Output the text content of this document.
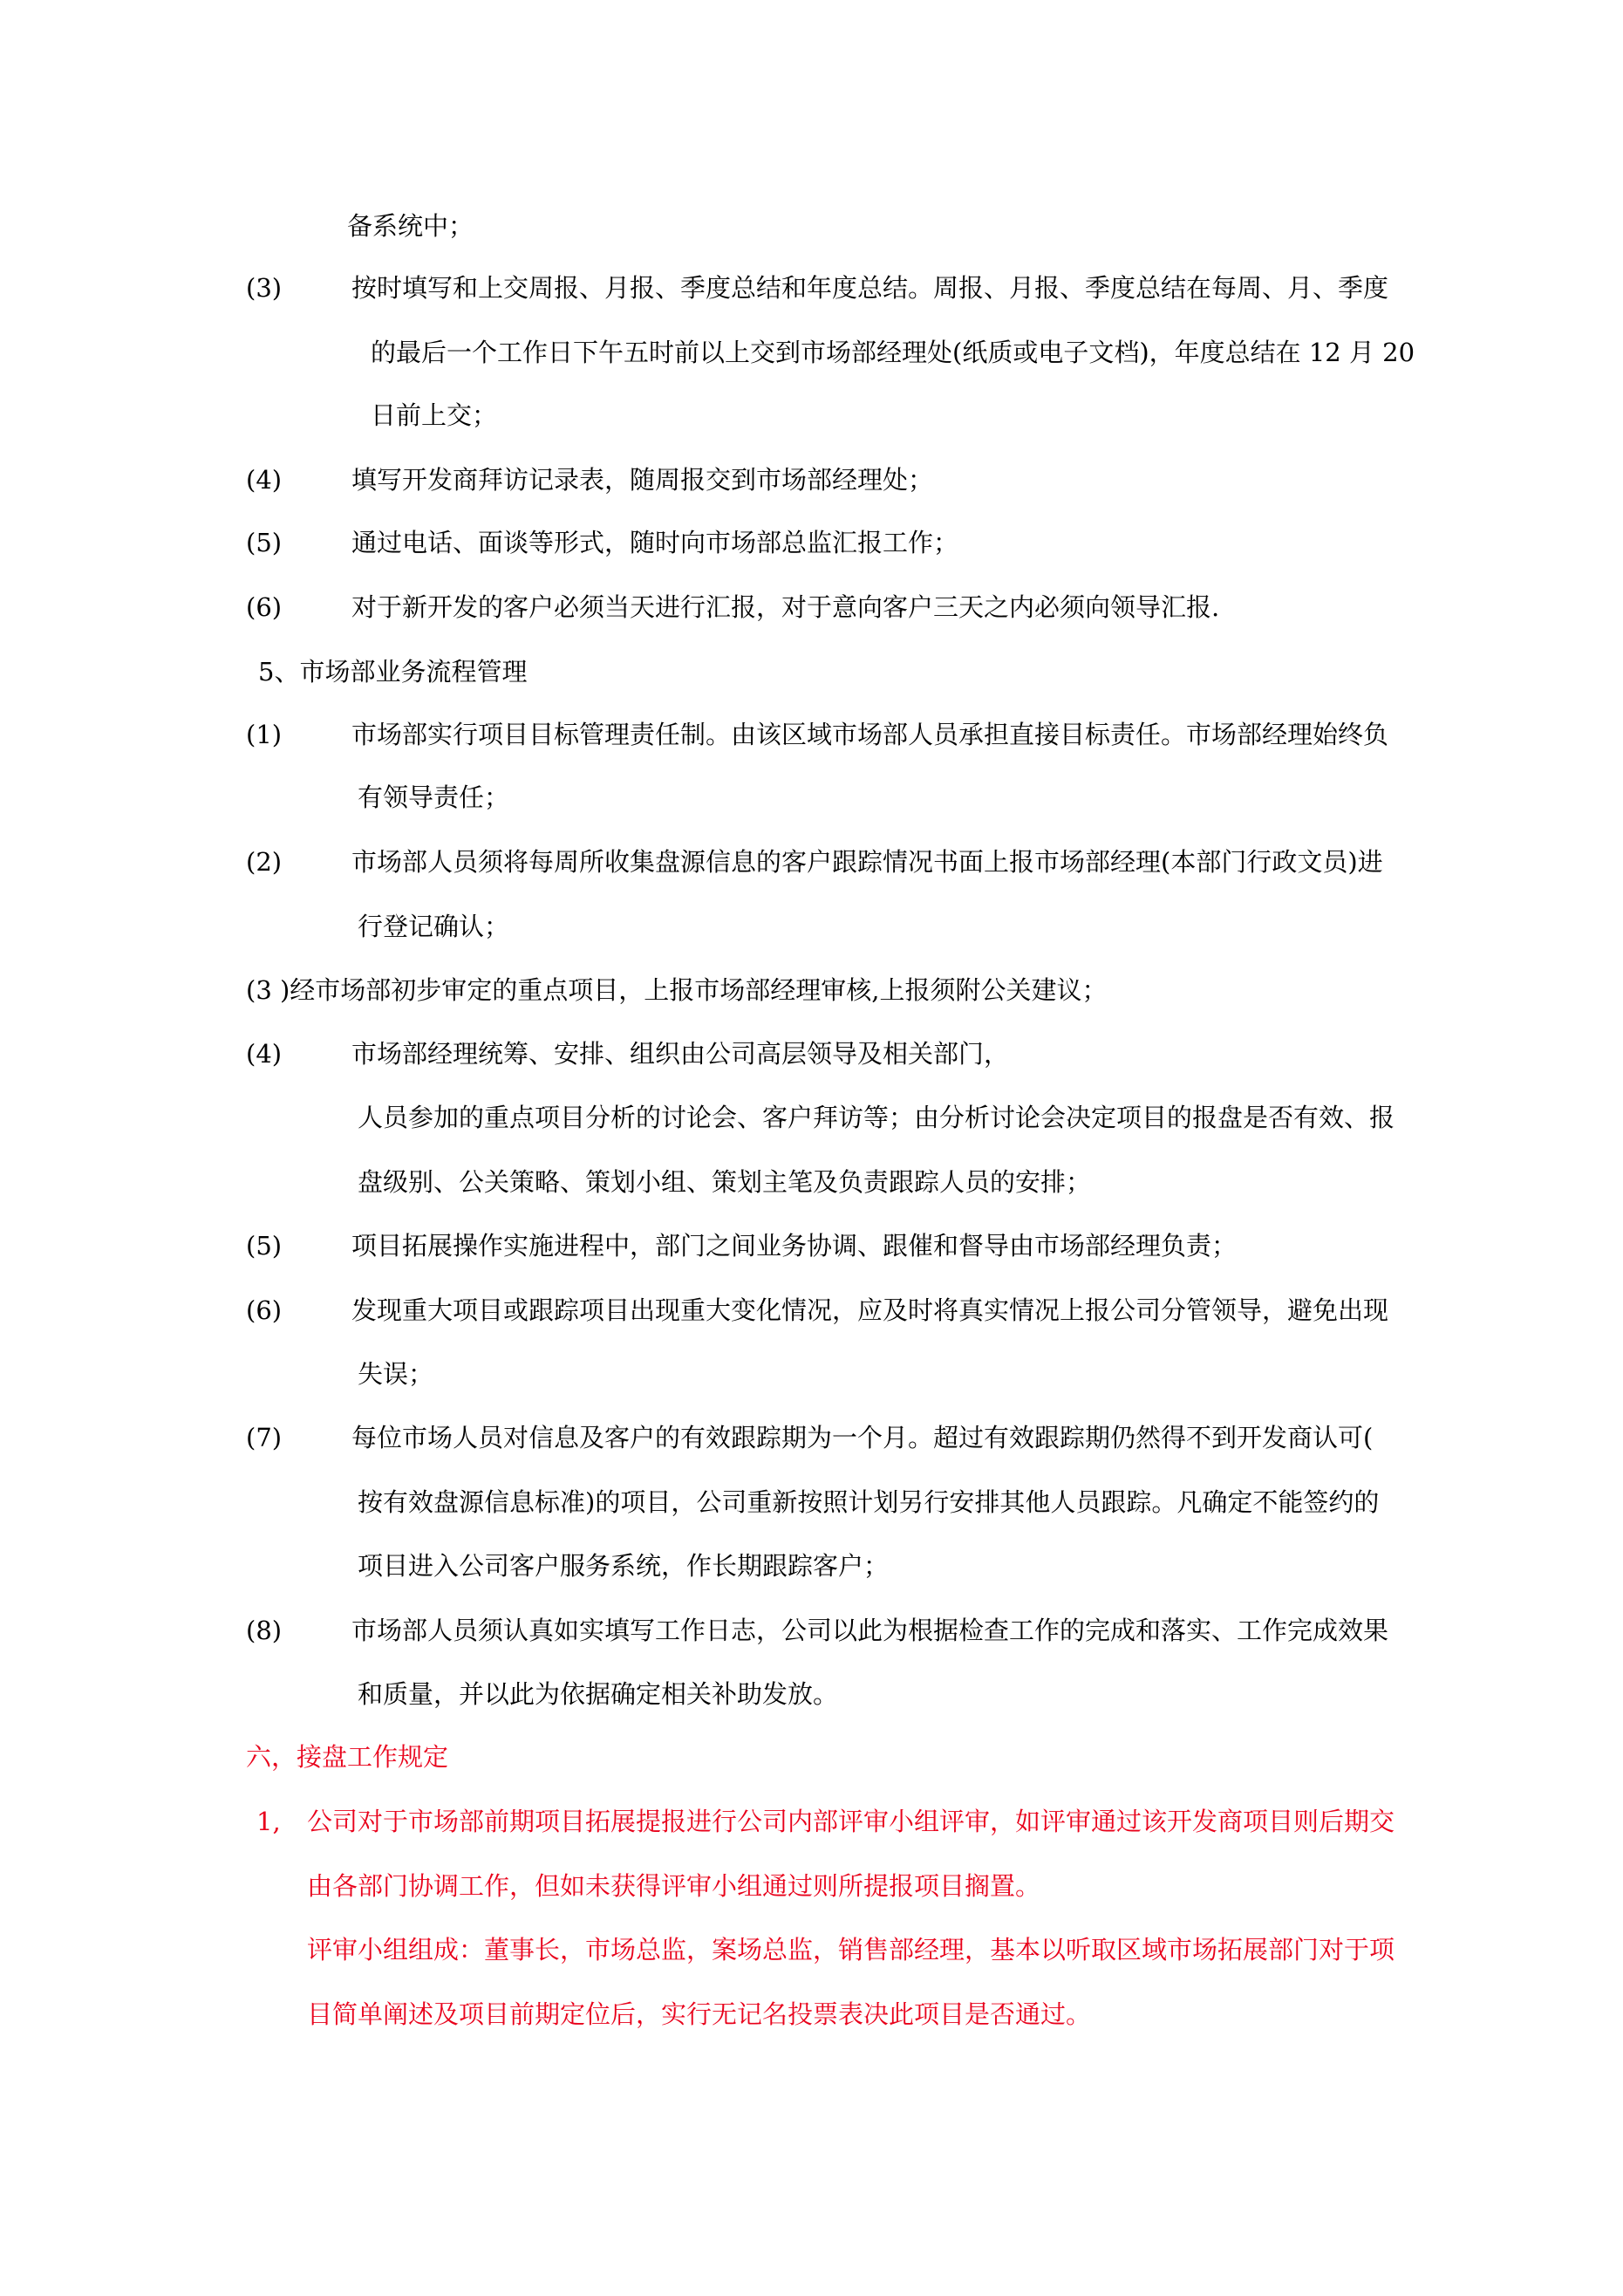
备系统中；
(3)	按时填写和上交周报、月报、季度总结和年度总结。周报、月报、季度总结在每周、月、季度
的最后一个工作日下午五时前以上交到市场部经理处(纸质或电子文档)，年度总结在 12 月 20
日前上交；
(4)	填写开发商拜访记录表，随周报交到市场部经理处；
(5)	通过电话、面谈等形式，随时向市场部总监汇报工作；
(6)	对于新开发的客户必须当天进行汇报，对于意向客户三天之内必须向领导汇报.
5、市场部业务流程管理
(1)	市场部实行项目目标管理责任制。由该区域市场部人员承担直接目标责任。市场部经理始终负
有领导责任；
(2)	市场部人员须将每周所收集盘源信息的客户跟踪情况书面上报市场部经理(本部门行政文员)进
行登记确认；
(3 )经市场部初步审定的重点项目，上报市场部经理审核,上报须附公关建议；
(4)	市场部经理统筹、安排、组织由公司高层领导及相关部门，
人员参加的重点项目分析的讨论会、客户拜访等；由分析讨论会决定项目的报盘是否有效、报
盘级别、公关策略、策划小组、策划主笔及负责跟踪人员的安排；
(5)	项目拓展操作实施进程中，部门之间业务协调、跟催和督导由市场部经理负责；
(6)	发现重大项目或跟踪项目出现重大变化情况，应及时将真实情况上报公司分管领导，避免出现
失误；
(7)	每位市场人员对信息及客户的有效跟踪期为一个月。超过有效跟踪期仍然得不到开发商认可(
按有效盘源信息标准)的项目，公司重新按照计划另行安排其他人员跟踪。凡确定不能签约的
项目进入公司客户服务系统，作长期跟踪客户；
(8)	市场部人员须认真如实填写工作日志，公司以此为根据检查工作的完成和落实、工作完成效果
和质量，并以此为依据确定相关补助发放。
六，接盘工作规定
1, 公司对于市场部前期项目拓展提报进行公司内部评审小组评审，如评审通过该开发商项目则后期交
由各部门协调工作，但如未获得评审小组通过则所提报项目搁置。
评审小组组成：董事长，市场总监，案场总监，销售部经理，基本以听取区域市场拓展部门对于项
目简单阐述及项目前期定位后，实行无记名投票表决此项目是否通过。
